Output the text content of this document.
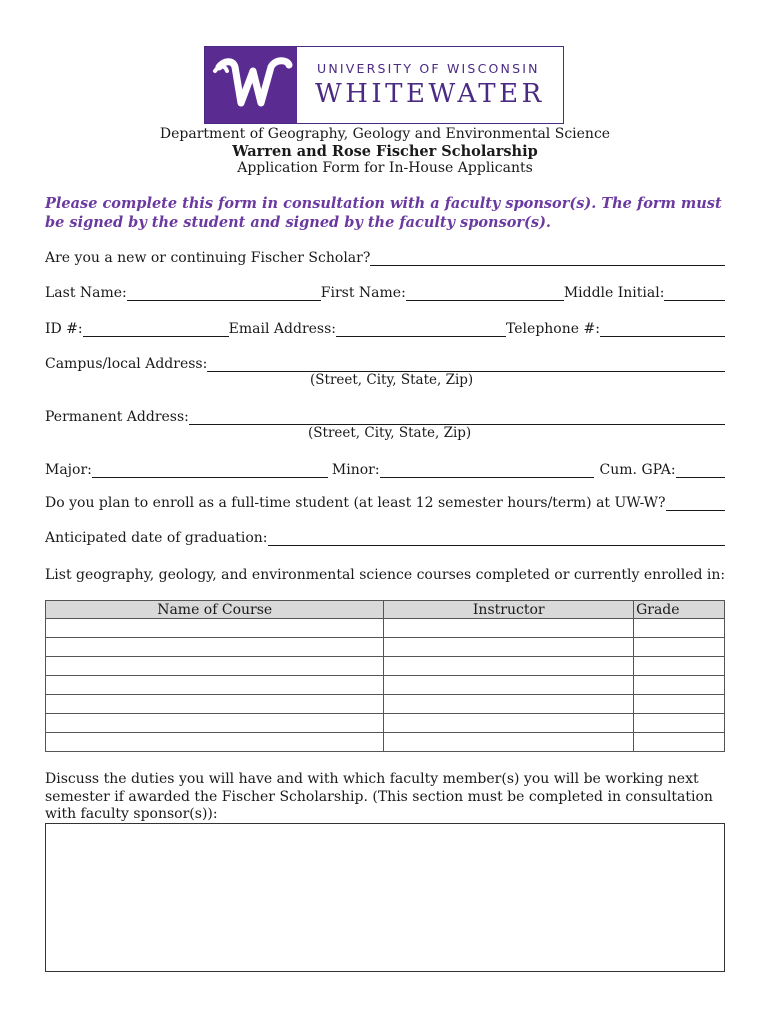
UNIVERSITY OF WISCONSIN
WHITEWATER
Department of Geography, Geology and Environmental Science
Warren and Rose Fischer Scholarship
Application Form for In-House Applicants
Please complete this form in consultation with a faculty sponsor(s). The form must be signed by the student and signed by the faculty sponsor(s).
Are you a new or continuing Fischer Scholar?
Last Name:	First Name:	Middle Initial:
ID #:	Email Address:	Telephone #:
Campus/local Address:
(Street, City, State, Zip)
Permanent Address:
(Street, City, State, Zip)
Major:	Minor:	Cum. GPA:
Do you plan to enroll as a full-time student (at least 12 semester hours/term) at UW-W?
Anticipated date of graduation:
List geography, geology, and environmental science courses completed or currently enrolled in:
Name of Course	Instructor	Grade

Discuss the duties you will have and with which faculty member(s) you will be working next semester if awarded the Fischer Scholarship. (This section must be completed in consultation with faculty sponsor(s)):
